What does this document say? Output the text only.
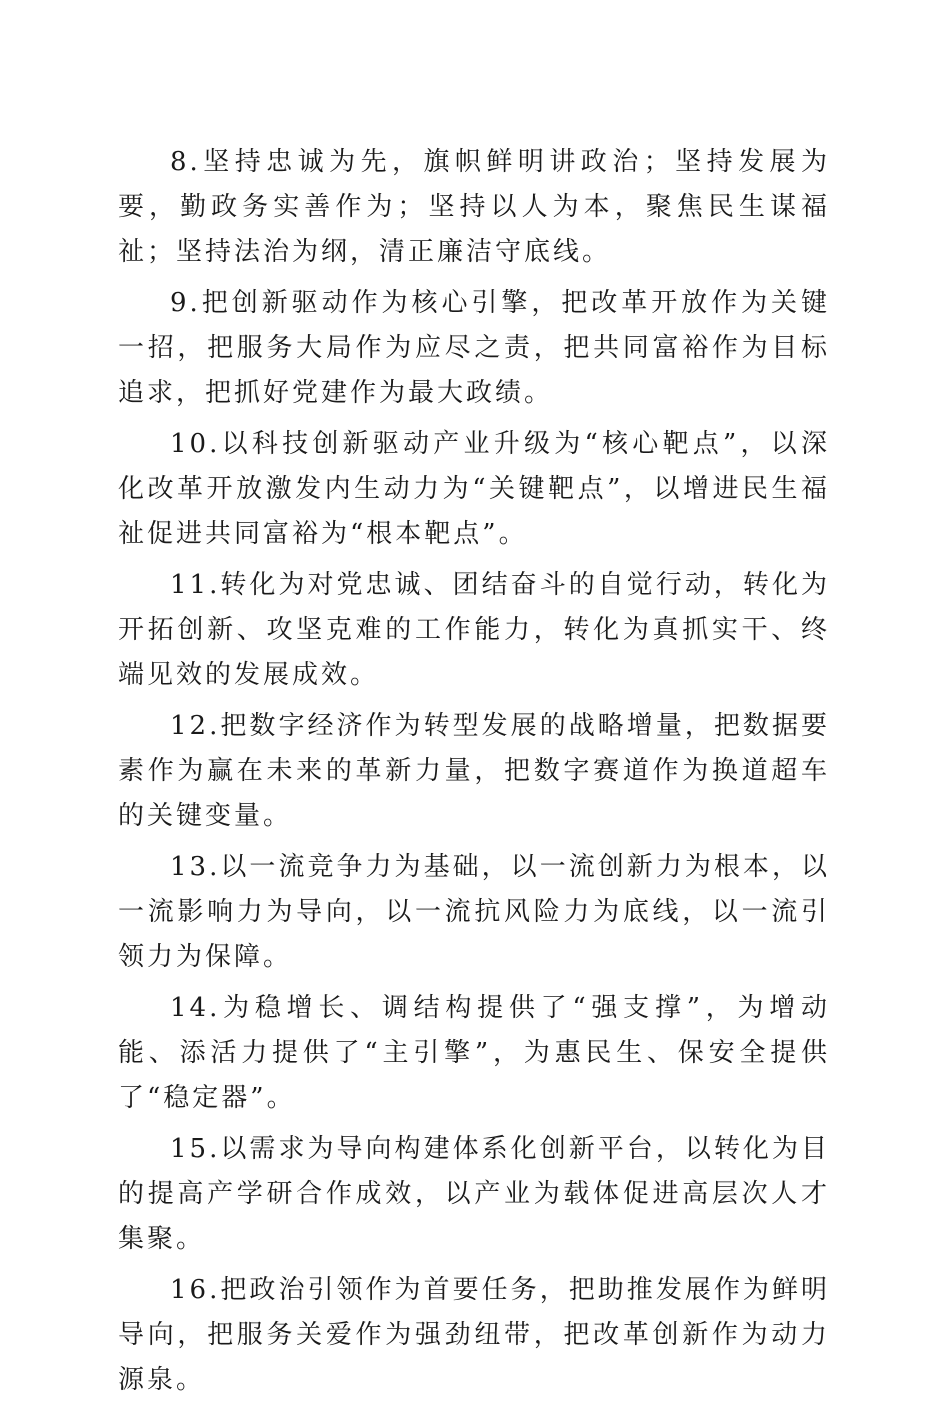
8.坚持忠诚为先，旗帜鲜明讲政治；坚持发展为要，勤政务实善作为；坚持以人为本，聚焦民生谋福祉；坚持法治为纲，清正廉洁守底线。

9.把创新驱动作为核心引擎，把改革开放作为关键一招，把服务大局作为应尽之责，把共同富裕作为目标追求，把抓好党建作为最大政绩。

10.以科技创新驱动产业升级为“核心靶点”，以深化改革开放激发内生动力为“关键靶点”，以增进民生福祉促进共同富裕为“根本靶点”。

11.转化为对党忠诚、团结奋斗的自觉行动，转化为开拓创新、攻坚克难的工作能力，转化为真抓实干、终端见效的发展成效。

12.把数字经济作为转型发展的战略增量，把数据要素作为赢在未来的革新力量，把数字赛道作为换道超车的关键变量。

13.以一流竞争力为基础，以一流创新力为根本，以一流影响力为导向，以一流抗风险力为底线，以一流引领力为保障。

14.为稳增长、调结构提供了“强支撑”，为增动能、添活力提供了“主引擎”，为惠民生、保安全提供了“稳定器”。

15.以需求为导向构建体系化创新平台，以转化为目的提高产学研合作成效，以产业为载体促进高层次人才集聚。

16.把政治引领作为首要任务，把助推发展作为鲜明导向，把服务关爱作为强劲纽带，把改革创新作为动力源泉。
